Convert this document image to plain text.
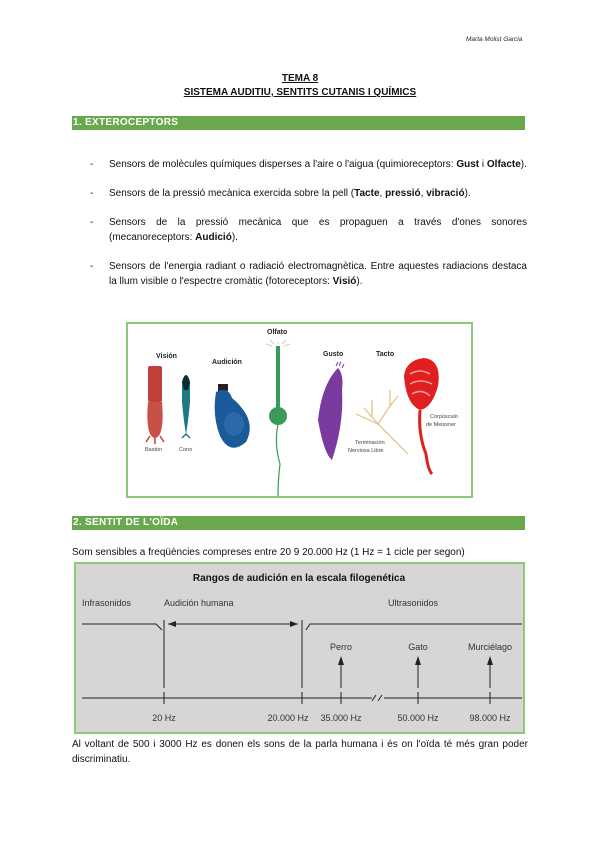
Marta Molist Garcia
TEMA 8
SISTEMA AUDITIU, SENTITS CUTANIS I QUÍMICS
1. EXTEROCEPTORS
- Sensors de molècules químiques disperses a l'aire o l'aigua (quimioreceptors: Gust i Olfacte).
- Sensors de la pressió mecànica exercida sobre la pell (Tacte, pressió, vibració).
- Sensors de la pressió mecànica que es propaguen a través d'ones sonores (mecanoreceptors: Audició).
- Sensors de l'energia radiant o radiació electromagnètica. Entre aquestes radiacions destaca la llum visible o l'espectre cromàtic (fotoreceptors: Visió).
Visión
Bastón	Cono
Audición
Olfato
Gusto
Terminación
Nerviosa Libre
Tacto
Corpúsculo
de Meissner
2. SENTIT DE L'OÏDA

Som sensibles a freqüències compreses entre 20 9 20.000 Hz (1 Hz = 1 cicle per segon)

Rangos de audición en la escala filogenética
Infrasonidos	Audición humana	Ultrasonidos
Perro	Gato	Murciélago
20 Hz	20.000 Hz 35.000 Hz	50.000 Hz	98.000 Hz

Al voltant de 500 i 3000 Hz es donen els sons de la parla humana i és on l'oïda té més gran poder discriminatiu.
